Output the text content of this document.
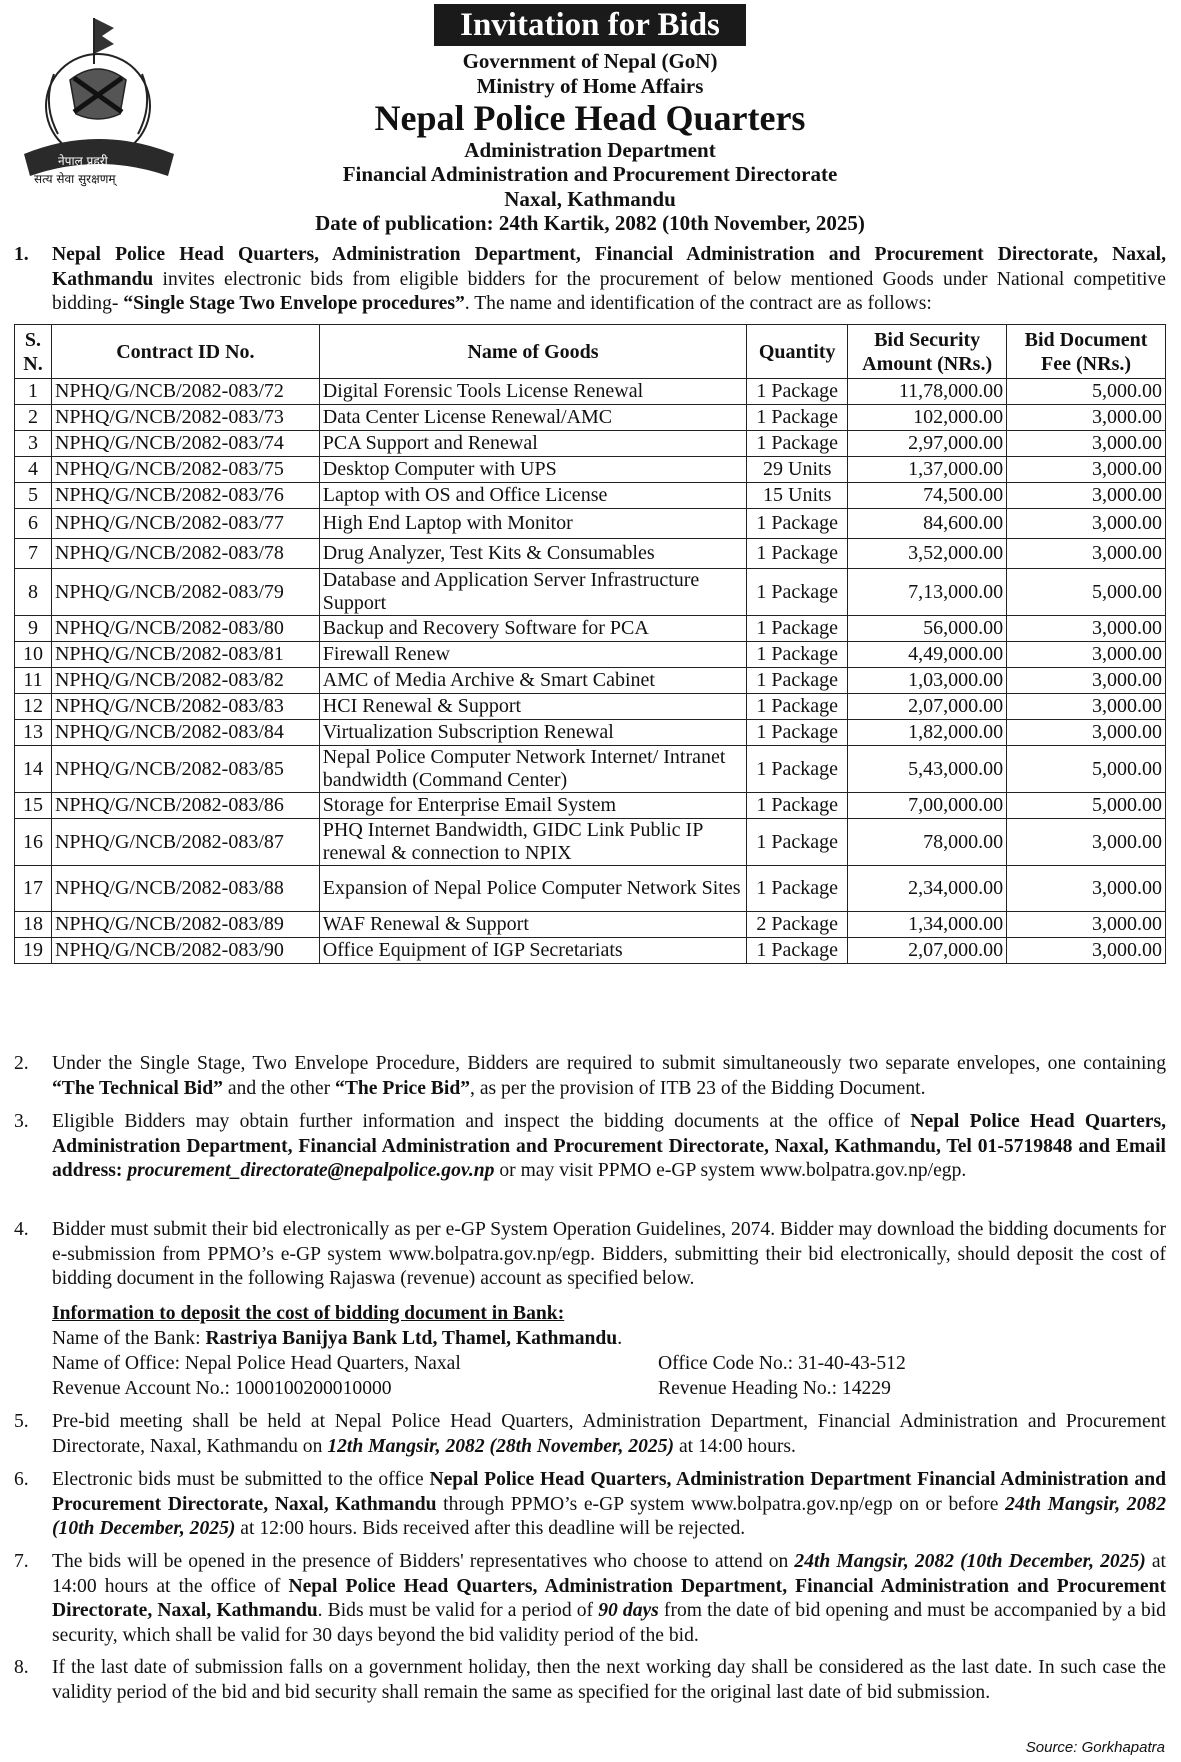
नेपाल प्रहरी
सत्य सेवा सुरक्षणम्
Invitation for Bids
Government of Nepal (GoN)
Ministry of Home Affairs
Nepal Police Head Quarters
Administration Department
Financial Administration and Procurement Directorate
Naxal, Kathmandu
Date of publication: 24th Kartik, 2082 (10th November, 2025)
1. Nepal Police Head Quarters, Administration Department, Financial Administration and Procurement Directorate, Naxal, Kathmandu invites electronic bids from eligible bidders for the procurement of below mentioned Goods under National competitive bidding- “Single Stage Two Envelope procedures”. The name and identification of the contract are as follows:
S. N.	Contract ID No.	Name of Goods	Quantity	Bid Security Amount (NRs.)	Bid Document Fee (NRs.)
1	NPHQ/G/NCB/2082-083/72	Digital Forensic Tools License Renewal	1 Package	11,78,000.00	5,000.00
2	NPHQ/G/NCB/2082-083/73	Data Center License Renewal/AMC	1 Package	102,000.00	3,000.00
3	NPHQ/G/NCB/2082-083/74	PCA Support and Renewal	1 Package	2,97,000.00	3,000.00
4	NPHQ/G/NCB/2082-083/75	Desktop Computer with UPS	29 Units	1,37,000.00	3,000.00
5	NPHQ/G/NCB/2082-083/76	Laptop with OS and Office License	15 Units	74,500.00	3,000.00
6	NPHQ/G/NCB/2082-083/77	High End Laptop with Monitor	1 Package	84,600.00	3,000.00
7	NPHQ/G/NCB/2082-083/78	Drug Analyzer, Test Kits & Consumables	1 Package	3,52,000.00	3,000.00
8	NPHQ/G/NCB/2082-083/79	Database and Application Server Infrastructure Support	1 Package	7,13,000.00	5,000.00
9	NPHQ/G/NCB/2082-083/80	Backup and Recovery Software for PCA	1 Package	56,000.00	3,000.00
10	NPHQ/G/NCB/2082-083/81	Firewall Renew	1 Package	4,49,000.00	3,000.00
11	NPHQ/G/NCB/2082-083/82	AMC of Media Archive & Smart Cabinet	1 Package	1,03,000.00	3,000.00
12	NPHQ/G/NCB/2082-083/83	HCI Renewal & Support	1 Package	2,07,000.00	3,000.00
13	NPHQ/G/NCB/2082-083/84	Virtualization Subscription Renewal	1 Package	1,82,000.00	3,000.00
14	NPHQ/G/NCB/2082-083/85	Nepal Police Computer Network Internet/ Intranet bandwidth (Command Center)	1 Package	5,43,000.00	5,000.00
15	NPHQ/G/NCB/2082-083/86	Storage for Enterprise Email System	1 Package	7,00,000.00	5,000.00
16	NPHQ/G/NCB/2082-083/87	PHQ Internet Bandwidth, GIDC Link Public IP renewal & connection to NPIX	1 Package	78,000.00	3,000.00
17	NPHQ/G/NCB/2082-083/88	Expansion of Nepal Police Computer Network Sites	1 Package	2,34,000.00	3,000.00
18	NPHQ/G/NCB/2082-083/89	WAF Renewal & Support	2 Package	1,34,000.00	3,000.00
19	NPHQ/G/NCB/2082-083/90	Office Equipment of IGP Secretariats	1 Package	2,07,000.00	3,000.00
2. Under the Single Stage, Two Envelope Procedure, Bidders are required to submit simultaneously two separate envelopes, one containing “The Technical Bid” and the other “The Price Bid”, as per the provision of ITB 23 of the Bidding Document.
3. Eligible Bidders may obtain further information and inspect the bidding documents at the office of Nepal Police Head Quarters, Administration Department, Financial Administration and Procurement Directorate, Naxal, Kathmandu, Tel 01-5719848 and Email address: procurement_directorate@nepalpolice.gov.np or may visit PPMO e-GP system www.bolpatra.gov.np/egp.
4. Bidder must submit their bid electronically as per e-GP System Operation Guidelines, 2074. Bidder may download the bidding documents for e-submission from PPMO’s e-GP system www.bolpatra.gov.np/egp. Bidders, submitting their bid electronically, should deposit the cost of bidding document in the following Rajaswa (revenue) account as specified below.
Information to deposit the cost of bidding document in Bank:
Name of the Bank: Rastriya Banijya Bank Ltd, Thamel, Kathmandu.
Name of Office: Nepal Police Head Quarters, Naxal	Office Code No.: 31-40-43-512
Revenue Account No.: 1000100200010000	Revenue Heading No.: 14229
5. Pre-bid meeting shall be held at Nepal Police Head Quarters, Administration Department, Financial Administration and Procurement Directorate, Naxal, Kathmandu on 12th Mangsir, 2082 (28th November, 2025) at 14:00 hours.
6. Electronic bids must be submitted to the office Nepal Police Head Quarters, Administration Department Financial Administration and Procurement Directorate, Naxal, Kathmandu through PPMO’s e-GP system www.bolpatra.gov.np/egp on or before 24th Mangsir, 2082 (10th December, 2025) at 12:00 hours. Bids received after this deadline will be rejected.
7. The bids will be opened in the presence of Bidders' representatives who choose to attend on 24th Mangsir, 2082 (10th December, 2025) at 14:00 hours at the office of Nepal Police Head Quarters, Administration Department, Financial Administration and Procurement Directorate, Naxal, Kathmandu. Bids must be valid for a period of 90 days from the date of bid opening and must be accompanied by a bid security, which shall be valid for 30 days beyond the bid validity period of the bid.
8. If the last date of submission falls on a government holiday, then the next working day shall be considered as the last date. In such case the validity period of the bid and bid security shall remain the same as specified for the original last date of bid submission.
Source: Gorkhapatra
